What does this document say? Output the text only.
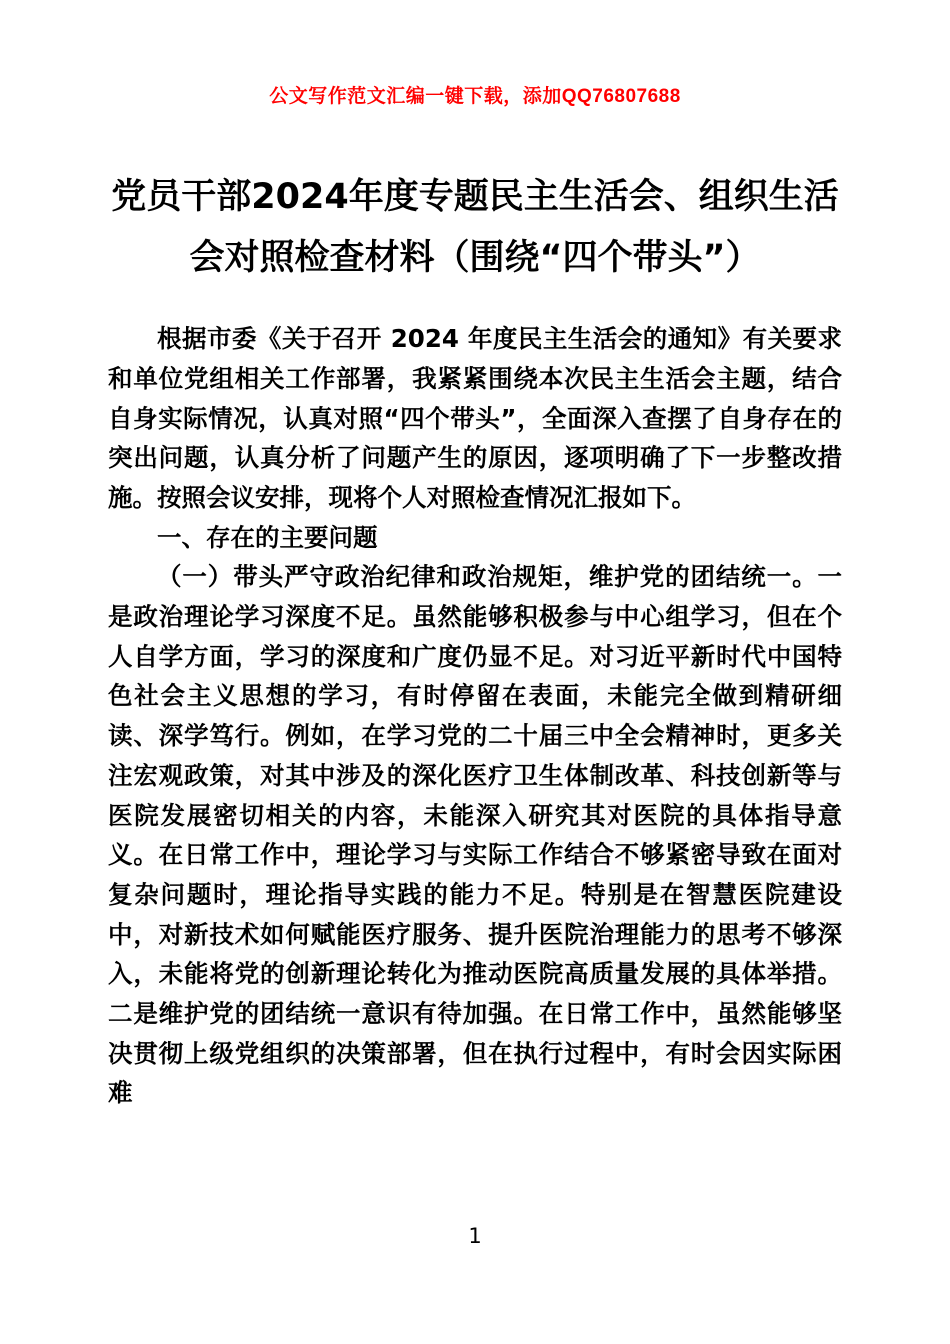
公文写作范文汇编一键下载，添加QQ76807688
党员干部2024年度专题民主生活会、组织生活会对照检查材料（围绕“四个带头”）

根据市委《关于召开 2024 年度民主生活会的通知》有关要求和单位党组相关工作部署，我紧紧围绕本次民主生活会主题，结合自身实际情况，认真对照“四个带头”，全面深入查摆了自身存在的突出问题，认真分析了问题产生的原因，逐项明确了下一步整改措施。按照会议安排，现将个人对照检查情况汇报如下。

一、存在的主要问题

（一）带头严守政治纪律和政治规矩，维护党的团结统一。一是政治理论学习深度不足。虽然能够积极参与中心组学习，但在个人自学方面，学习的深度和广度仍显不足。对习近平新时代中国特色社会主义思想的学习，有时停留在表面，未能完全做到精研细读、深学笃行。例如，在学习党的二十届三中全会精神时，更多关注宏观政策，对其中涉及的深化医疗卫生体制改革、科技创新等与医院发展密切相关的内容，未能深入研究其对医院的具体指导意义。在日常工作中，理论学习与实际工作结合不够紧密导致在面对复杂问题时，理论指导实践的能力不足。特别是在智慧医院建设中，对新技术如何赋能医疗服务、提升医院治理能力的思考不够深入，未能将党的创新理论转化为推动医院高质量发展的具体举措。二是维护党的团结统一意识有待加强。在日常工作中，虽然能够坚决贯彻上级党组织的决策部署，但在执行过程中，有时会因实际困难

1
